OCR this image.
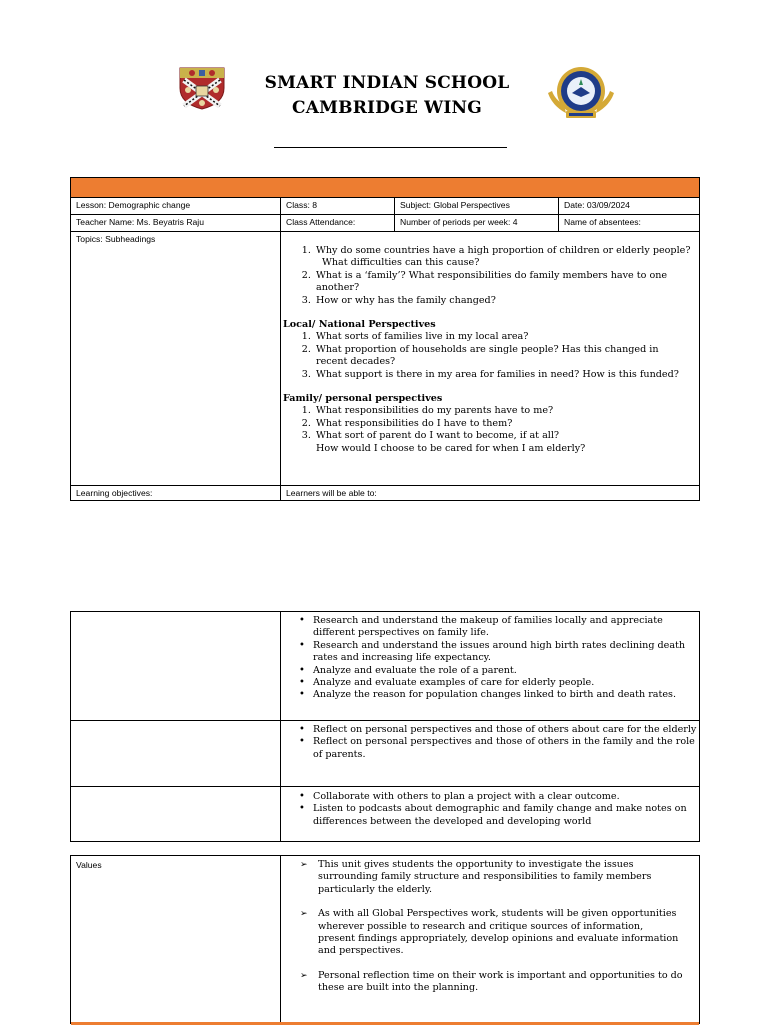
SMART INDIAN SCHOOL
CAMBRIDGE WING
Lesson: Demographic change	Class: 8	Subject: Global Perspectives	Date: 03/09/2024
Teacher Name: Ms. Beyatris Raju	Class Attendance:	Number of periods per week: 4	Name of absentees:
Topics: Subheadings
1. Why do some countries have a high proportion of children or elderly people?
What difficulties can this cause?
2. What is a ‘family’? What responsibilities do family members have to one another?
3. How or why has the family changed?

Local/ National Perspectives

1. What sorts of families live in my local area?
2. What proportion of households are single people? Has this changed in recent decades?
3. What support is there in my area for families in need? How is this funded?

Family/ personal perspectives

1. What responsibilities do my parents have to me?
2. What responsibilities do I have to them?
3. What sort of parent do I want to become, if at all?
How would I choose to be cared for when I am elderly?
Learning objectives:	Learners will be able to:
• Research and understand the makeup of families locally and appreciate different perspectives on family life.
• Research and understand the issues around high birth rates declining death rates and increasing life expectancy.
• Analyze and evaluate the role of a parent.
• Analyze and evaluate examples of care for elderly people.
• Analyze the reason for population changes linked to birth and death rates.
• Reflect on personal perspectives and those of others about care for the elderly
• Reflect on personal perspectives and those of others in the family and the role of parents.
• Collaborate with others to plan a project with a clear outcome.
• Listen to podcasts about demographic and family change and make notes on differences between the developed and developing world
Values
➢	This unit gives students the opportunity to investigate the issues surrounding family structure and responsibilities to family members particularly the elderly.
➢ As with all Global Perspectives work, students will be given opportunities wherever possible to research and critique sources of information, present findings appropriately, develop opinions and evaluate information and perspectives.
➢ Personal reflection time on their work is important and opportunities to do these are built into the planning.
